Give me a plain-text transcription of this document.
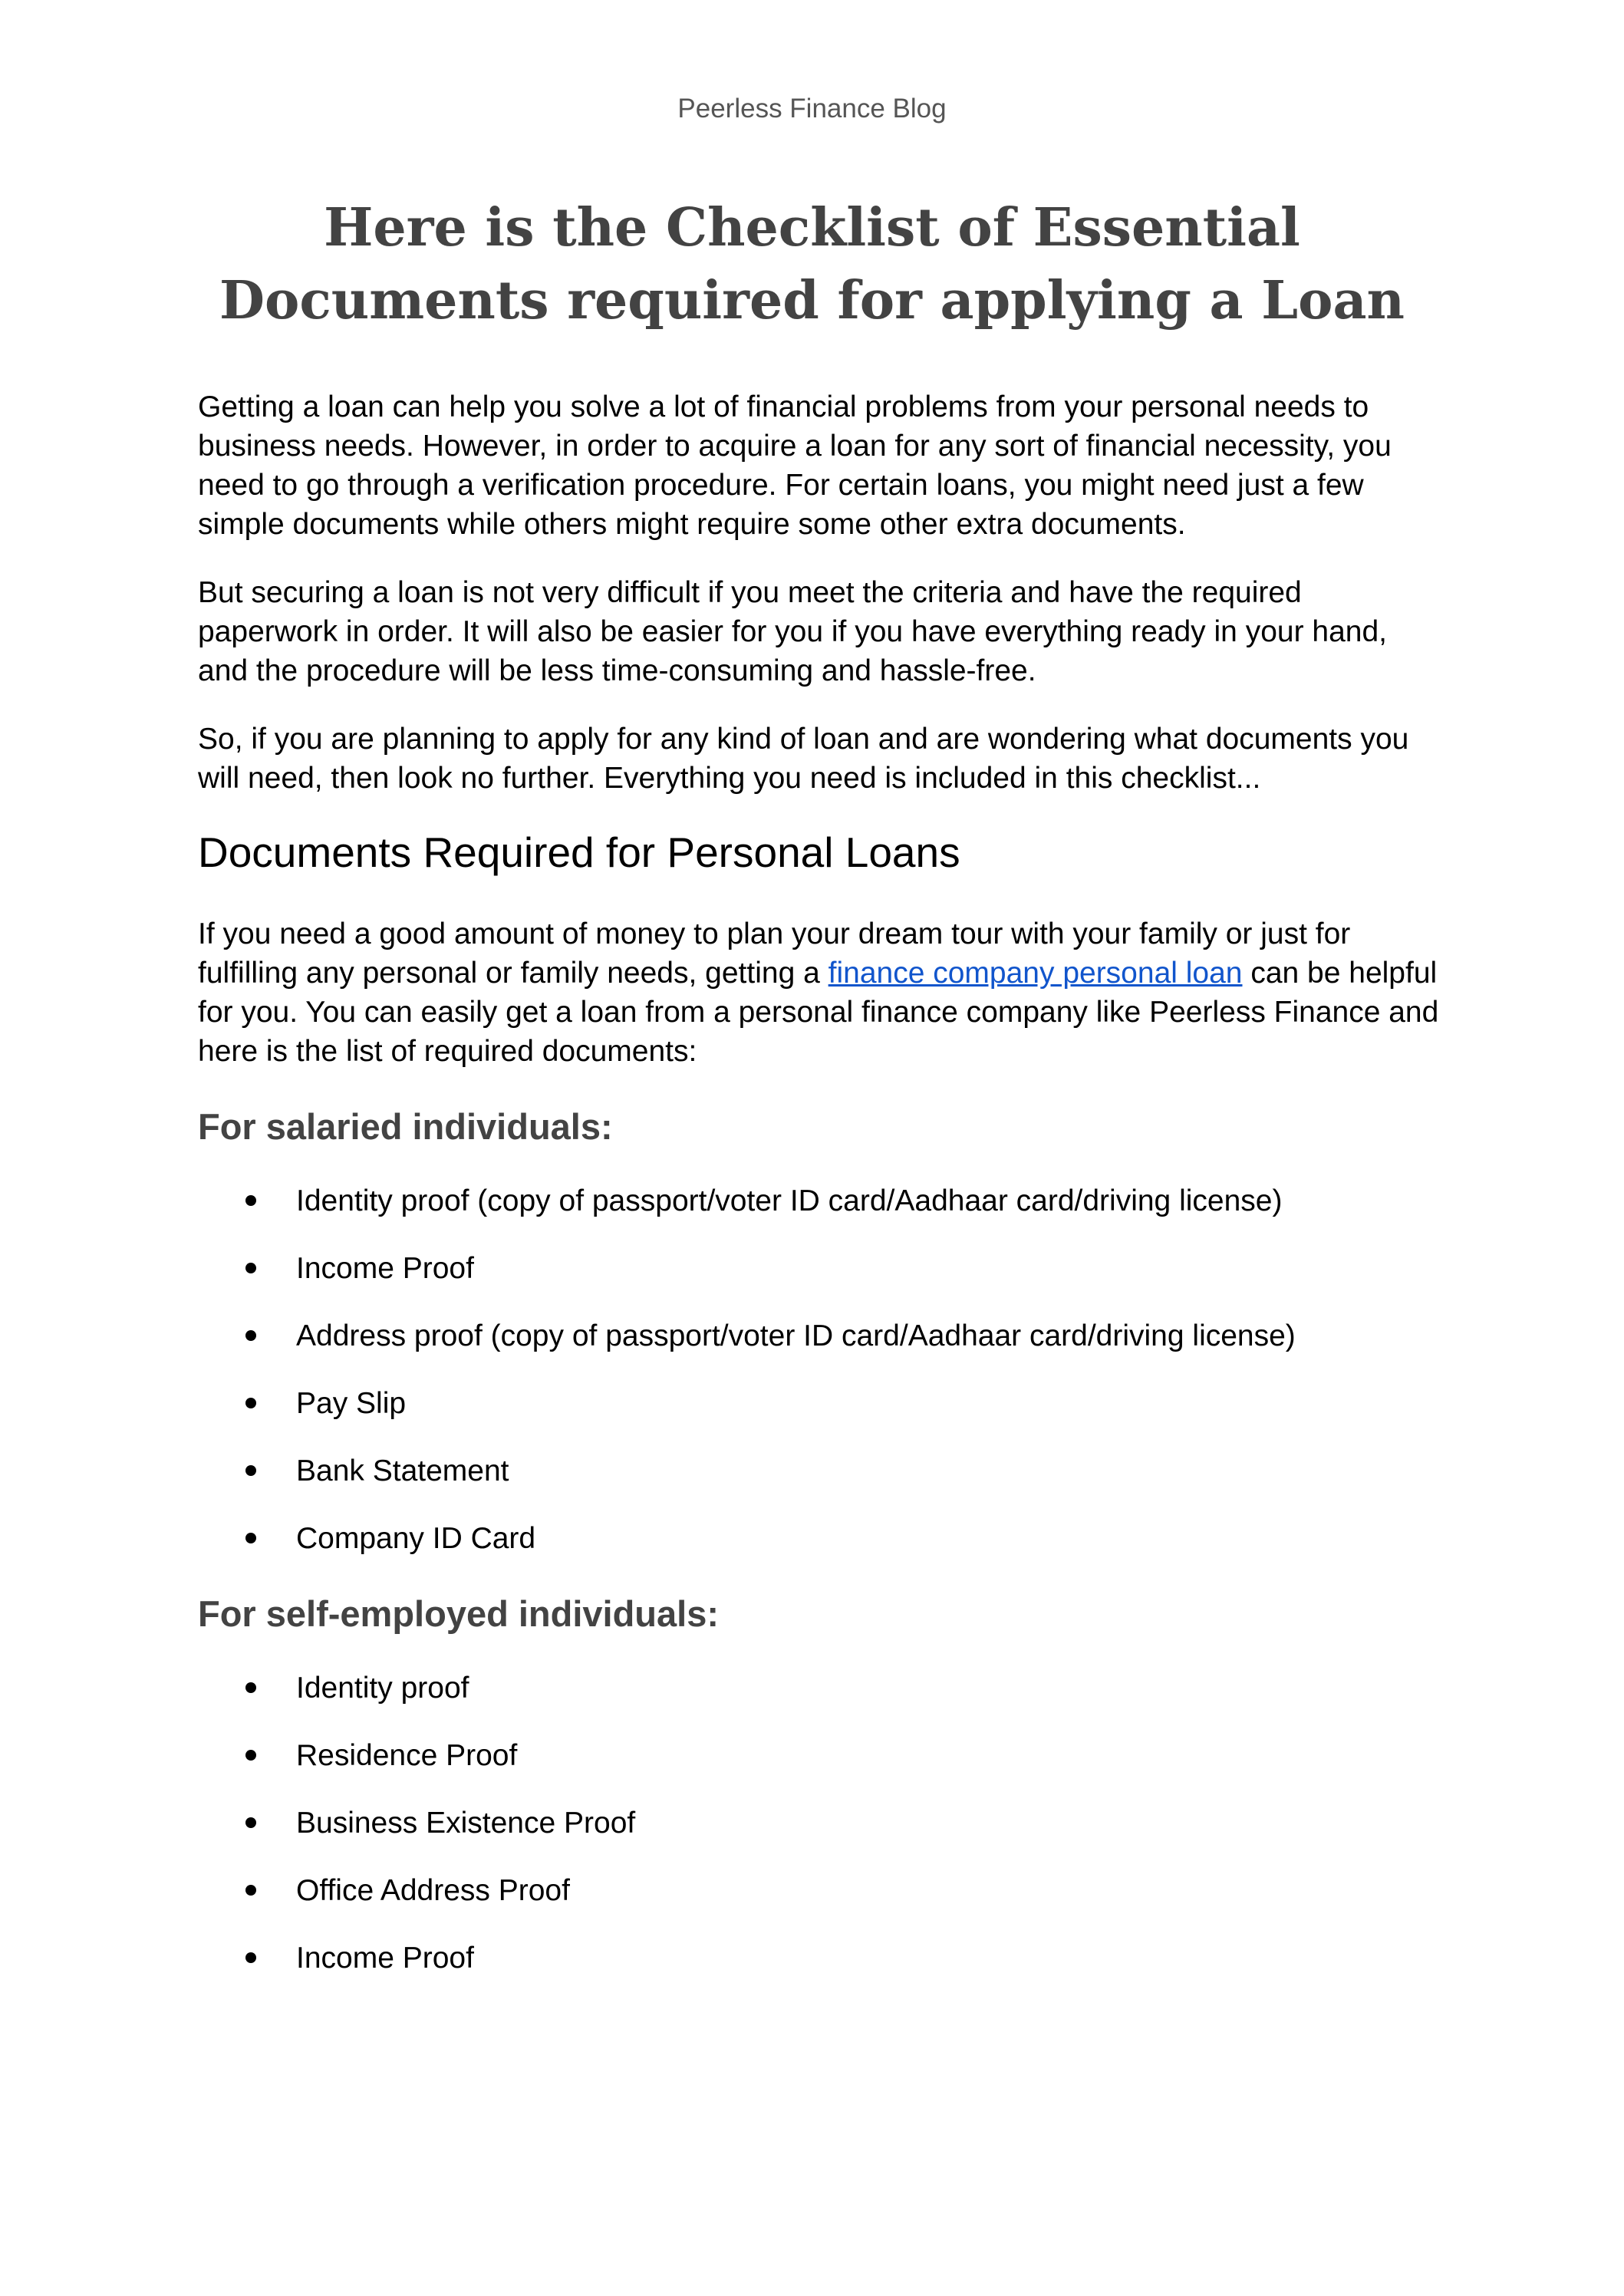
Peerless Finance Blog
Here is the Checklist of Essential
Documents required for applying a Loan

Getting a loan can help you solve a lot of financial problems from your personal needs to business needs. However, in order to acquire a loan for any sort of financial necessity, you need to go through a verification procedure. For certain loans, you might need just a few simple documents while others might require some other extra documents.

But securing a loan is not very difficult if you meet the criteria and have the required paperwork in order. It will also be easier for you if you have everything ready in your hand, and the procedure will be less time-consuming and hassle-free.

So, if you are planning to apply for any kind of loan and are wondering what documents you will need, then look no further. Everything you need is included in this checklist...

Documents Required for Personal Loans

If you need a good amount of money to plan your dream tour with your family or just for fulfilling any personal or family needs, getting a finance company personal loan can be helpful for you. You can easily get a loan from a personal finance company like Peerless Finance and here is the list of required documents:

For salaried individuals:
Identity proof (copy of passport/voter ID card/Aadhaar card/driving license)
Income Proof
Address proof (copy of passport/voter ID card/Aadhaar card/driving license)
Pay Slip
Bank Statement
Company ID Card
For self-employed individuals:
Identity proof
Residence Proof
Business Existence Proof
Office Address Proof
Income Proof
